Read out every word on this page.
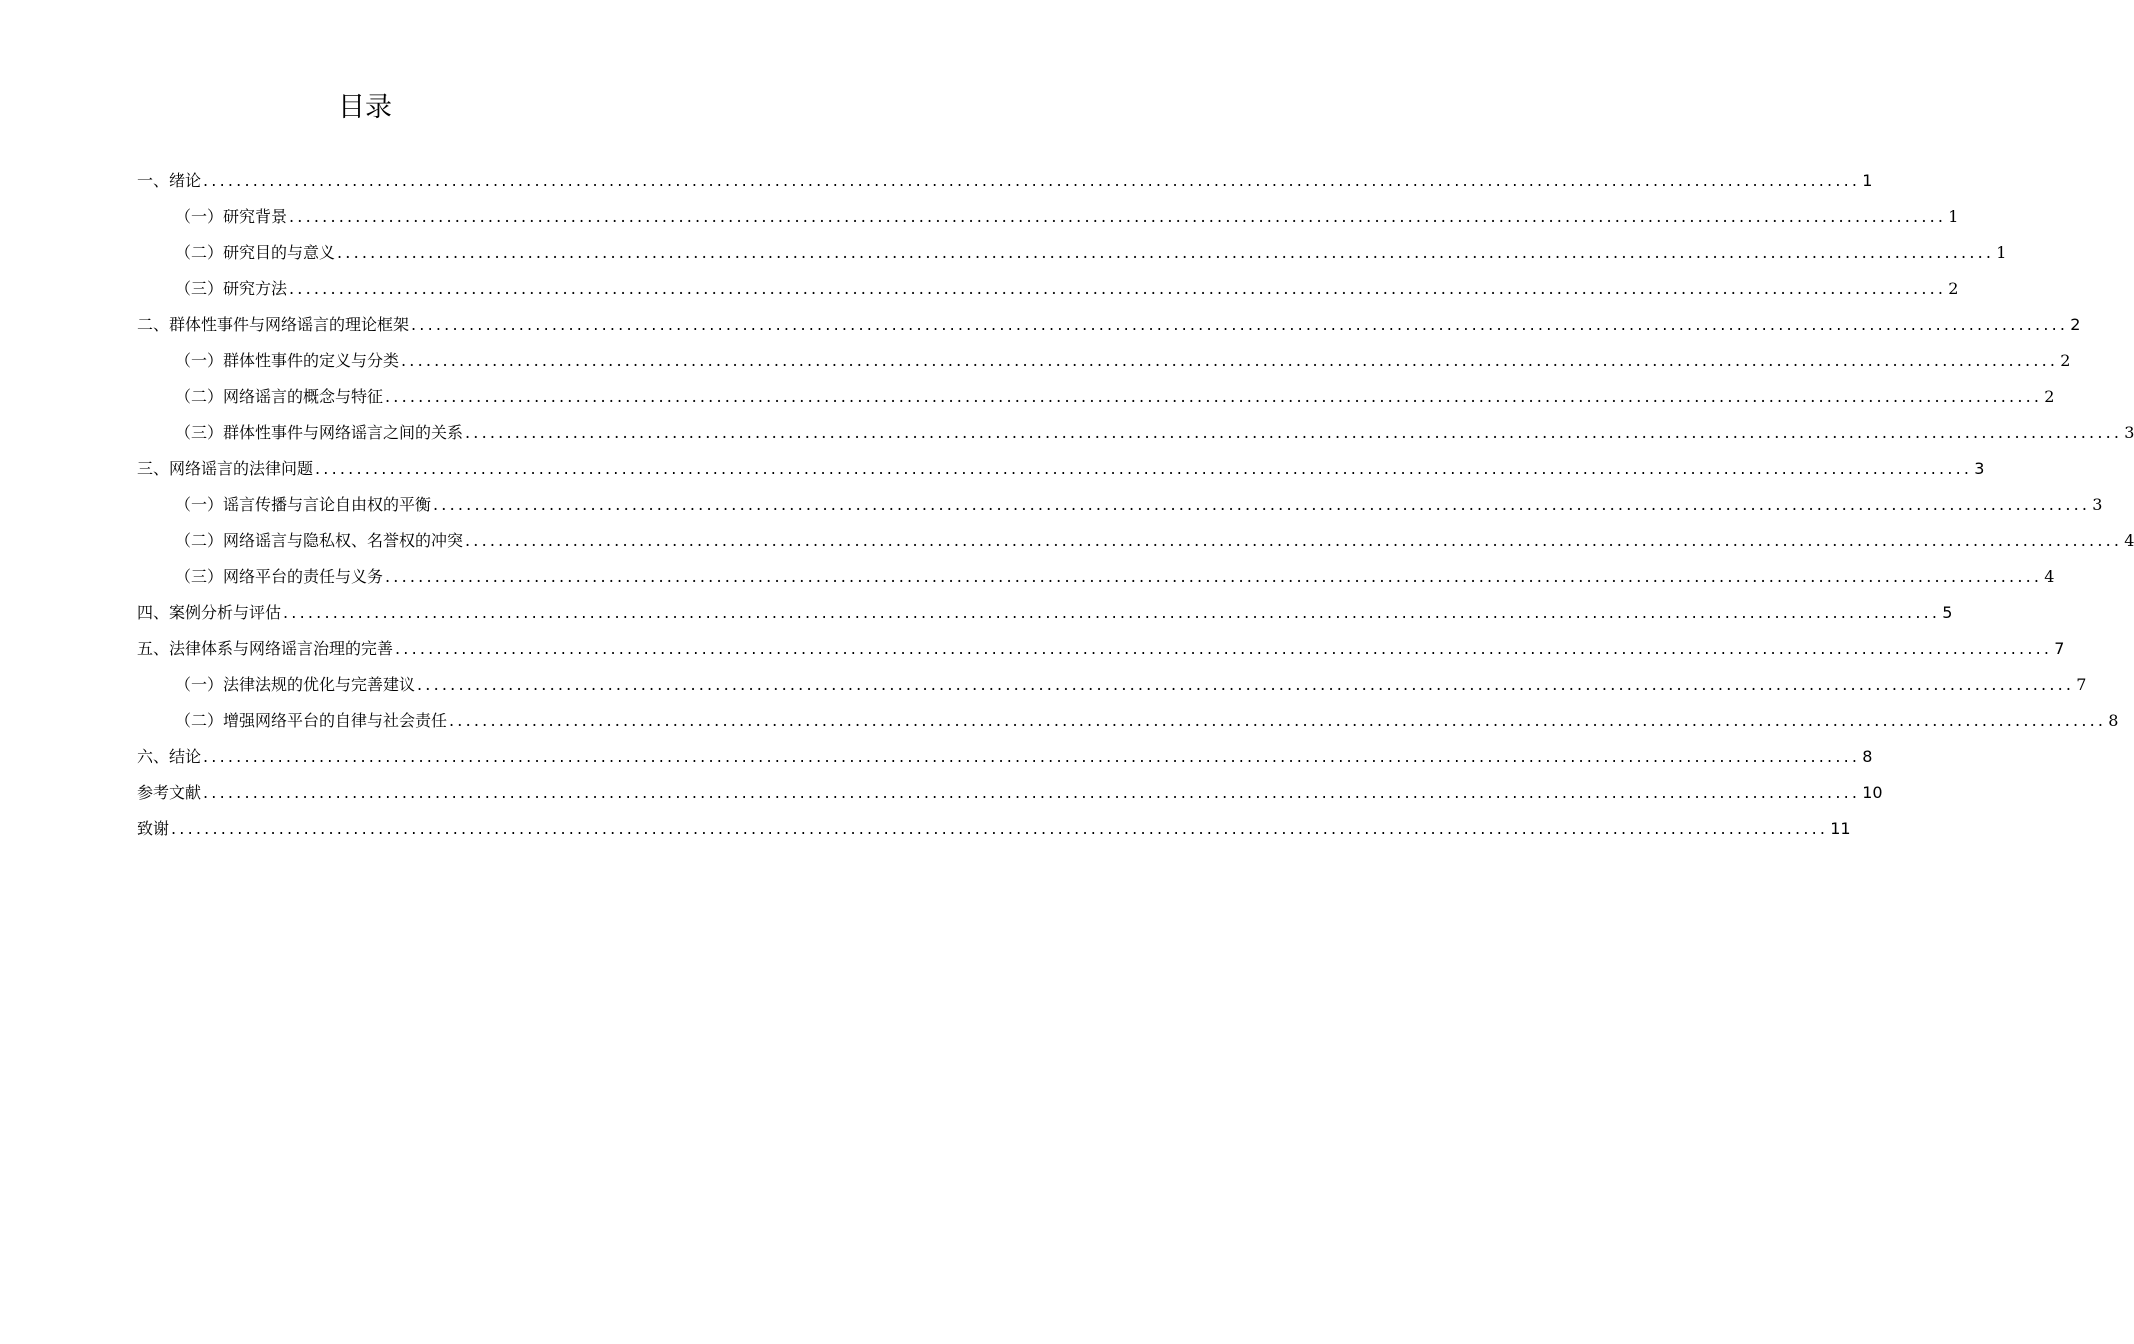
目录
一、绪论 ........................................................................................................................................................................................................ 1
（一）研究背景 ........................................................................................................................................................................................................ 1
（二）研究目的与意义 ........................................................................................................................................................................................................ 1
（三）研究方法 ........................................................................................................................................................................................................ 2
二、群体性事件与网络谣言的理论框架 ........................................................................................................................................................................................................ 2
（一）群体性事件的定义与分类 ........................................................................................................................................................................................................ 2
（二）网络谣言的概念与特征 ........................................................................................................................................................................................................ 2
（三）群体性事件与网络谣言之间的关系 ........................................................................................................................................................................................................ 3
三、网络谣言的法律问题 ........................................................................................................................................................................................................ 3
（一）谣言传播与言论自由权的平衡 ........................................................................................................................................................................................................ 3
（二）网络谣言与隐私权、名誉权的冲突 ........................................................................................................................................................................................................ 4
（三）网络平台的责任与义务 ........................................................................................................................................................................................................ 4
四、案例分析与评估 ........................................................................................................................................................................................................ 5
五、法律体系与网络谣言治理的完善 ........................................................................................................................................................................................................ 7
（一）法律法规的优化与完善建议 ........................................................................................................................................................................................................ 7
（二）增强网络平台的自律与社会责任 ........................................................................................................................................................................................................ 8
六、结论 ........................................................................................................................................................................................................ 8
参考文献 ........................................................................................................................................................................................................ 10
致谢 ........................................................................................................................................................................................................ 11
